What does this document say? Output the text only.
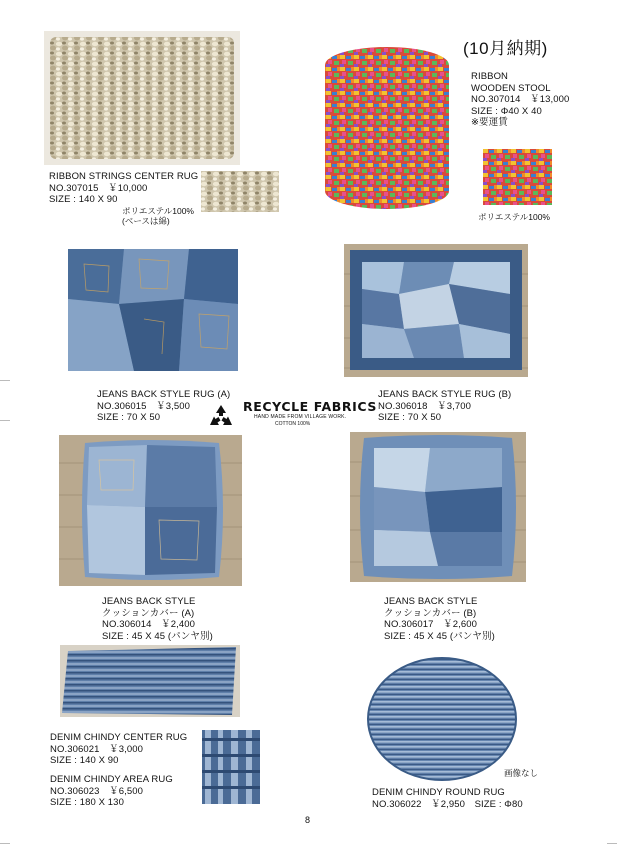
(10月納期)
RIBBON STRINGS CENTER RUG
NO.307015　￥10,000
SIZE : 140 X 90
ポリエステル100%
(ベースは綿)
RIBBON
WOODEN STOOL
NO.307014　￥13,000
SIZE : Φ40 X 40
※要運賃
ポリエステル100%
JEANS BACK STYLE RUG (A)
NO.306015　￥3,500
SIZE : 70 X 50
JEANS BACK STYLE RUG (B)
NO.306018　￥3,700
SIZE : 70 X 50
RECYCLE FABRICS
HAND MADE FROM VILLAGE WORK.
COTTON 100%
JEANS BACK STYLE
クッションカバー (A)
NO.306014　￥2,400
SIZE : 45 X 45 (パンヤ別)
JEANS BACK STYLE
クッションカバー (B)
NO.306017　￥2,600
SIZE : 45 X 45 (パンヤ別)
DENIM CHINDY CENTER RUG
NO.306021　￥3,000
SIZE : 140 X 90
DENIM CHINDY AREA RUG
NO.306023　￥6,500
SIZE : 180 X 130
画像なし
DENIM CHINDY ROUND RUG
NO.306022　￥2,950　SIZE : Φ80
8
